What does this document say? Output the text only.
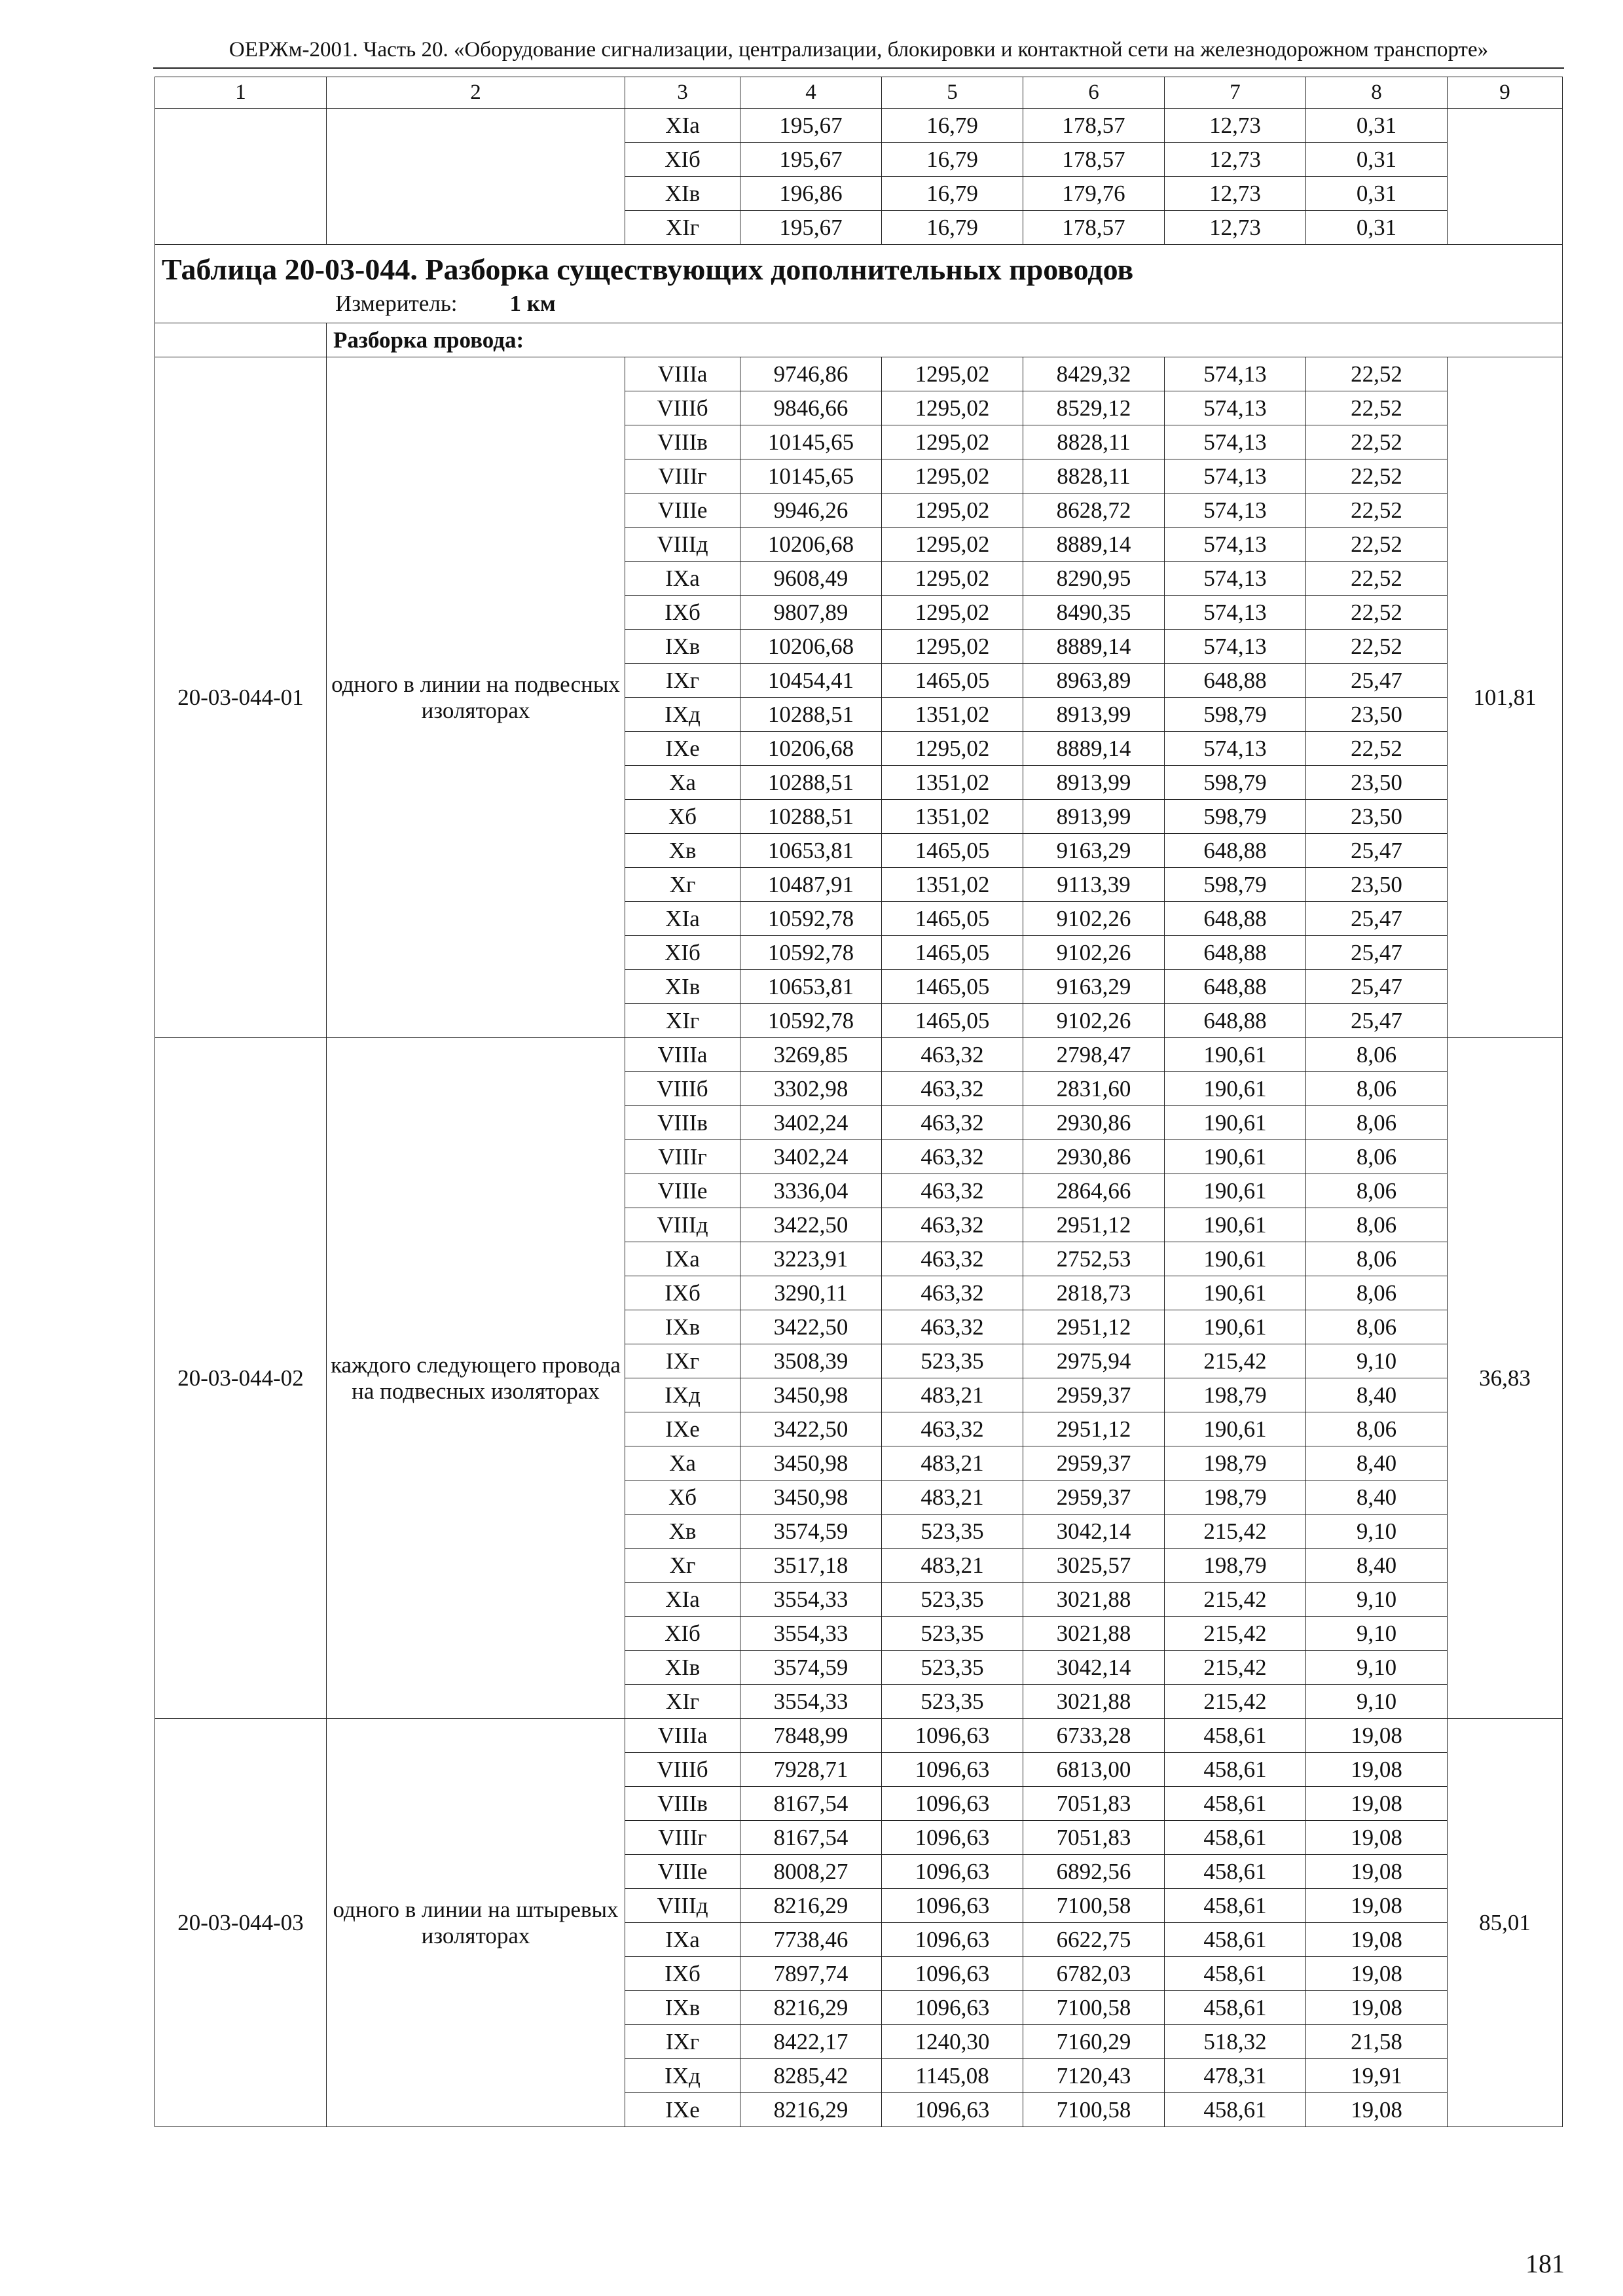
ОЕРЖм-2001. Часть 20. «Оборудование сигнализации, централизации, блокировки и контактной сети на железнодорожном транспорте»
1	2	3	4	5	6	7	8	9
		XIа	195,67	16,79	178,57	12,73	0,31	
		XIб	195,67	16,79	178,57	12,73	0,31	
		XIв	196,86	16,79	179,76	12,73	0,31	
		XIг	195,67	16,79	178,57	12,73	0,31	

Таблица 20-03-044. Разборка существующих дополнительных проводов
Измеритель: 1 км								

	Разборка провода:							
20-03-044-01	одного в линии на подвесных изоляторах	VIIIа	9746,86	1295,02	8429,32	574,13	22,52	101,81
		VIIIб	9846,66	1295,02	8529,12	574,13	22,52	
		VIIIв	10145,65	1295,02	8828,11	574,13	22,52	
		VIIIг	10145,65	1295,02	8828,11	574,13	22,52	
		VIIIе	9946,26	1295,02	8628,72	574,13	22,52	
		VIIIд	10206,68	1295,02	8889,14	574,13	22,52	
		IXа	9608,49	1295,02	8290,95	574,13	22,52	
		IXб	9807,89	1295,02	8490,35	574,13	22,52	
		IXв	10206,68	1295,02	8889,14	574,13	22,52	
		IXг	10454,41	1465,05	8963,89	648,88	25,47	
		IXд	10288,51	1351,02	8913,99	598,79	23,50	
		IXе	10206,68	1295,02	8889,14	574,13	22,52	
		Xа	10288,51	1351,02	8913,99	598,79	23,50	
		Xб	10288,51	1351,02	8913,99	598,79	23,50	
		Xв	10653,81	1465,05	9163,29	648,88	25,47	
		Xг	10487,91	1351,02	9113,39	598,79	23,50	
		XIа	10592,78	1465,05	9102,26	648,88	25,47	
		XIб	10592,78	1465,05	9102,26	648,88	25,47	
		XIв	10653,81	1465,05	9163,29	648,88	25,47	
		XIг	10592,78	1465,05	9102,26	648,88	25,47	
20-03-044-02	каждого следующего провода на подвесных изоляторах	VIIIа	3269,85	463,32	2798,47	190,61	8,06	36,83
		VIIIб	3302,98	463,32	2831,60	190,61	8,06	
		VIIIв	3402,24	463,32	2930,86	190,61	8,06	
		VIIIг	3402,24	463,32	2930,86	190,61	8,06	
		VIIIе	3336,04	463,32	2864,66	190,61	8,06	
		VIIIд	3422,50	463,32	2951,12	190,61	8,06	
		IXа	3223,91	463,32	2752,53	190,61	8,06	
		IXб	3290,11	463,32	2818,73	190,61	8,06	
		IXв	3422,50	463,32	2951,12	190,61	8,06	
		IXг	3508,39	523,35	2975,94	215,42	9,10	
		IXд	3450,98	483,21	2959,37	198,79	8,40	
		IXе	3422,50	463,32	2951,12	190,61	8,06	
		Xа	3450,98	483,21	2959,37	198,79	8,40	
		Xб	3450,98	483,21	2959,37	198,79	8,40	
		Xв	3574,59	523,35	3042,14	215,42	9,10	
		Xг	3517,18	483,21	3025,57	198,79	8,40	
		XIа	3554,33	523,35	3021,88	215,42	9,10	
		XIб	3554,33	523,35	3021,88	215,42	9,10	
		XIв	3574,59	523,35	3042,14	215,42	9,10	
		XIг	3554,33	523,35	3021,88	215,42	9,10	
20-03-044-03	одного в линии на штыревых изоляторах	VIIIа	7848,99	1096,63	6733,28	458,61	19,08	85,01
		VIIIб	7928,71	1096,63	6813,00	458,61	19,08	
		VIIIв	8167,54	1096,63	7051,83	458,61	19,08	
		VIIIг	8167,54	1096,63	7051,83	458,61	19,08	
		VIIIе	8008,27	1096,63	6892,56	458,61	19,08	
		VIIIд	8216,29	1096,63	7100,58	458,61	19,08	
		IXа	7738,46	1096,63	6622,75	458,61	19,08	
		IXб	7897,74	1096,63	6782,03	458,61	19,08	
		IXв	8216,29	1096,63	7100,58	458,61	19,08	
		IXг	8422,17	1240,30	7160,29	518,32	21,58	
		IXд	8285,42	1145,08	7120,43	478,31	19,91	
		IXе	8216,29	1096,63	7100,58	458,61	19,08	
181
